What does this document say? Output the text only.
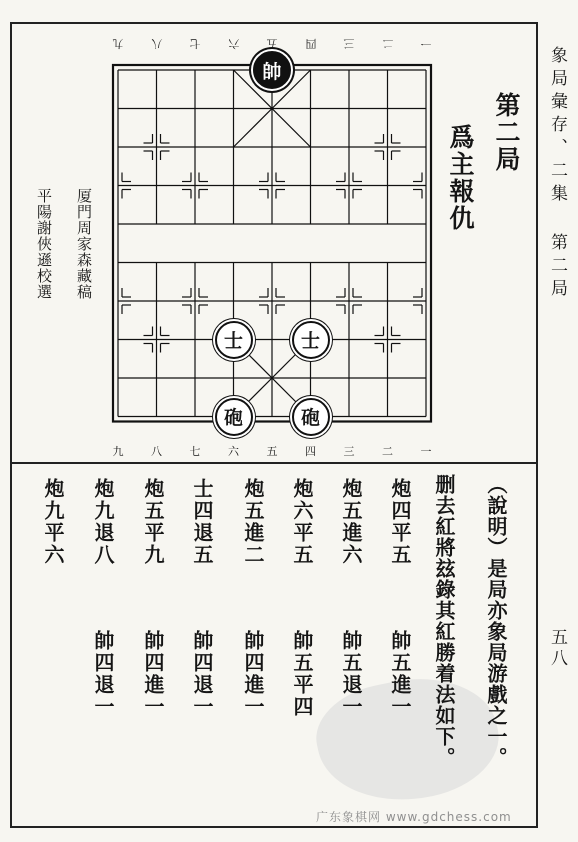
象局彙存、二集 第二局
五八
九	八	七	六	五	四	三	二	一
九	八	七	六	五	四	三	二	一
帥
士	士
砲	砲
第二局
爲主報仇
厦門周家森藏稿
平陽謝俠遜校選
（說明）是局亦象局游戲之一。
删去紅將玆錄其紅勝着法如下。
炮四平五
帥五進一
炮五進六
帥五退一
炮六平五
帥五平四
炮五進二
帥四進一
士四退五
帥四退一
炮五平九
帥四進一
炮九退八
帥四退一
炮九平六
广东象棋网 www.gdchess.com
